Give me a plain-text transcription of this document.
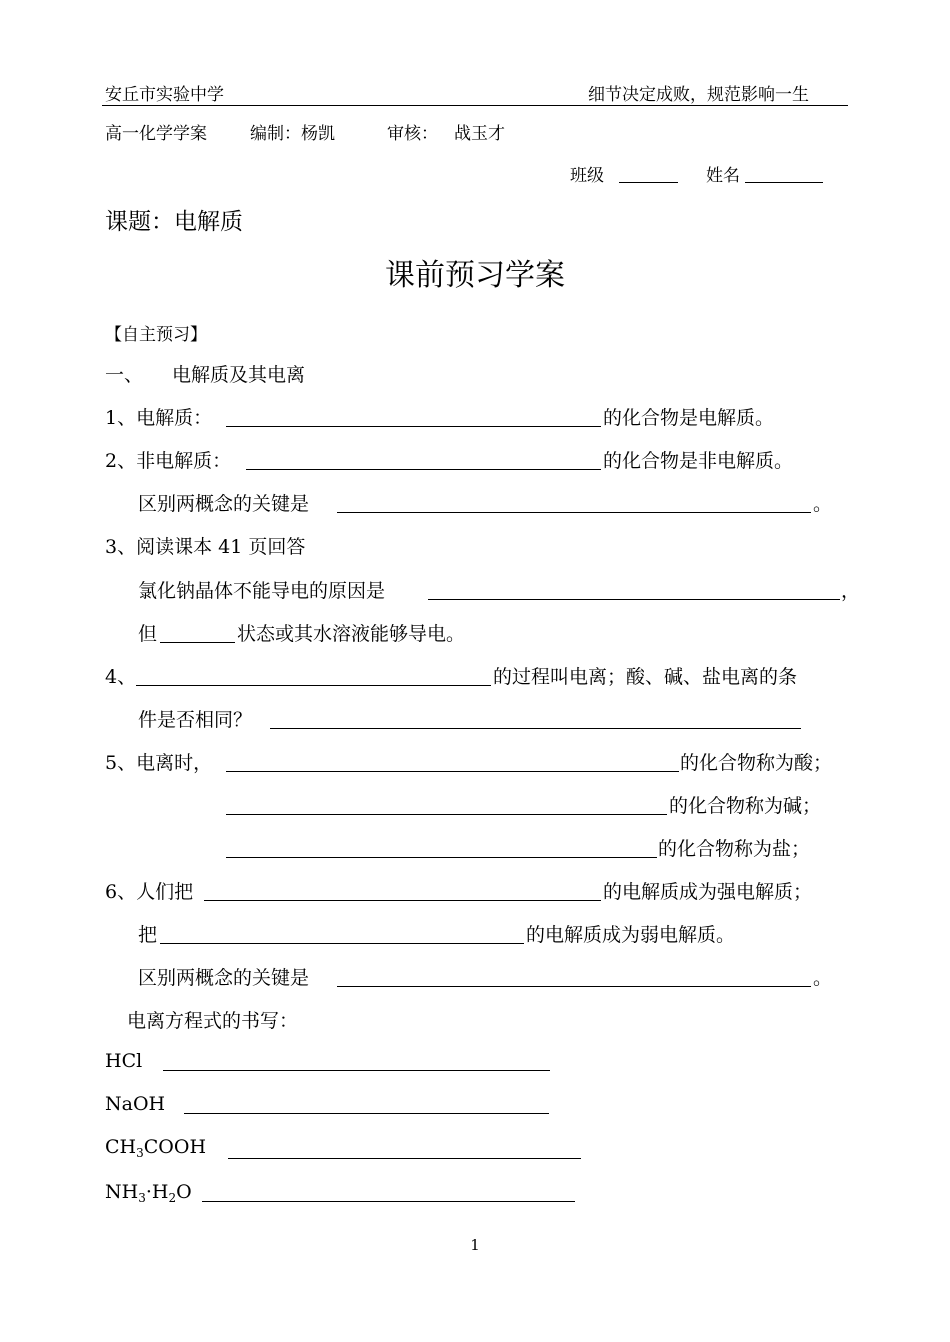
安丘市实验中学	细节决定成败，规范影响一生
高一化学学案	编制：杨凯	审核： 战玉才
班级	姓名
课题：电解质
课前预习学案
【自主预习】
一、 电解质及其电离
1、电解质：	的化合物是电解质。
2、非电解质：	的化合物是非电解质。
区别两概念的关键是	。
3、阅读课本 41 页回答
氯化钠晶体不能导电的原因是	，
但	状态或其水溶液能够导电。
4、	的过程叫电离；酸、碱、盐电离的条
件是否相同？
5、电离时，	的化合物称为酸；
的化合物称为碱；
的化合物称为盐；
6、人们把	的电解质成为强电解质；
把	的电解质成为弱电解质。
区别两概念的关键是	。
电离方程式的书写：
HCl
NaOH
$CH_3COOH$
$NH_3\cdot H_2O$
1
